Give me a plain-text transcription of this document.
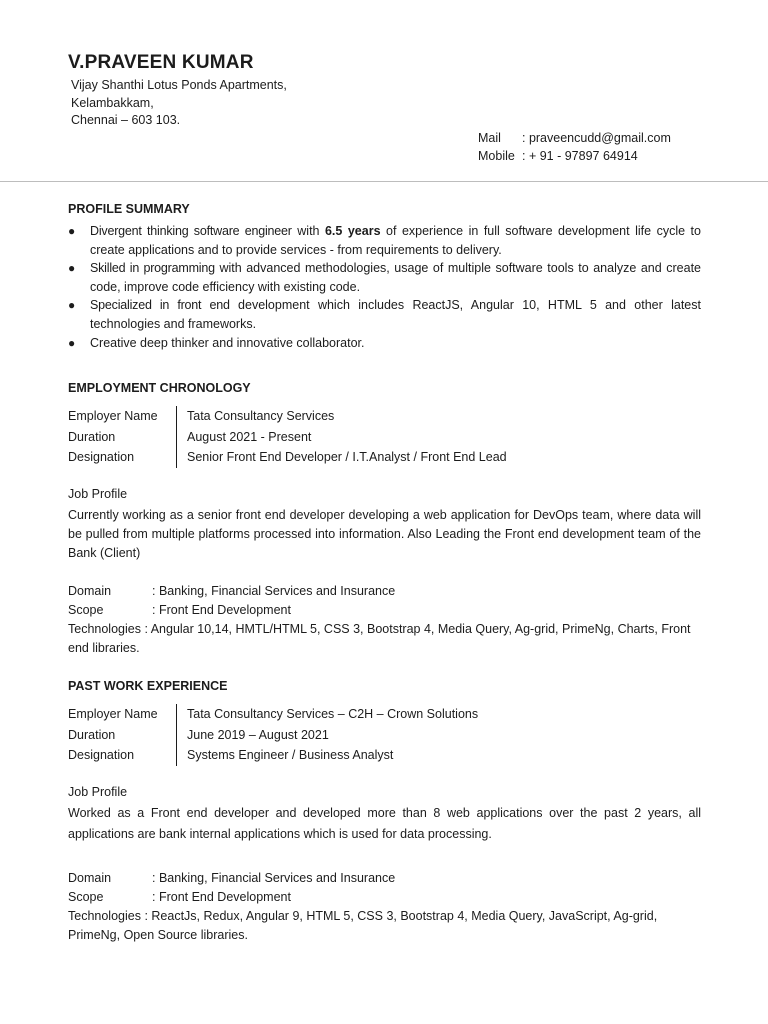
V.PRAVEEN KUMAR
Vijay Shanthi Lotus Ponds Apartments,
Kelambakkam,
Chennai – 603 103.
Mail : praveencudd@gmail.com
Mobile : + 91 - 97897 64914
PROFILE SUMMARY
● Divergent thinking software engineer with 6.5 years of experience in full software development life cycle to create applications and to provide services - from requirements to delivery.
● Skilled in programming with advanced methodologies, usage of multiple software tools to analyze and create code, improve code efficiency with existing code.
● Specialized in front end development which includes ReactJS, Angular 10, HTML 5 and other latest technologies and frameworks.
● Creative deep thinker and innovative collaborator.
EMPLOYMENT CHRONOLOGY
Employer Name	Tata Consultancy Services
Duration	August 2021 - Present
Designation	Senior Front End Developer / I.T.Analyst / Front End Lead
Job Profile
Currently working as a senior front end developer developing a web application for DevOps team, where data will be pulled from multiple platforms processed into information. Also Leading the Front end development team of the Bank (Client)
Domain	: Banking, Financial Services and Insurance
Scope	: Front End Development
Technologies : Angular 10,14, HMTL/HTML 5, CSS 3, Bootstrap 4, Media Query, Ag-grid, PrimeNg, Charts, Front end libraries.
PAST WORK EXPERIENCE
Employer Name	Tata Consultancy Services – C2H – Crown Solutions
Duration	June 2019 – August 2021
Designation	Systems Engineer / Business Analyst
Job Profile
Worked as a Front end developer and developed more than 8 web applications over the past 2 years, all applications are bank internal applications which is used for data processing.
Domain	: Banking, Financial Services and Insurance
Scope	: Front End Development
Technologies : ReactJs, Redux, Angular 9, HTML 5, CSS 3, Bootstrap 4, Media Query, JavaScript, Ag-grid, PrimeNg, Open Source libraries.
